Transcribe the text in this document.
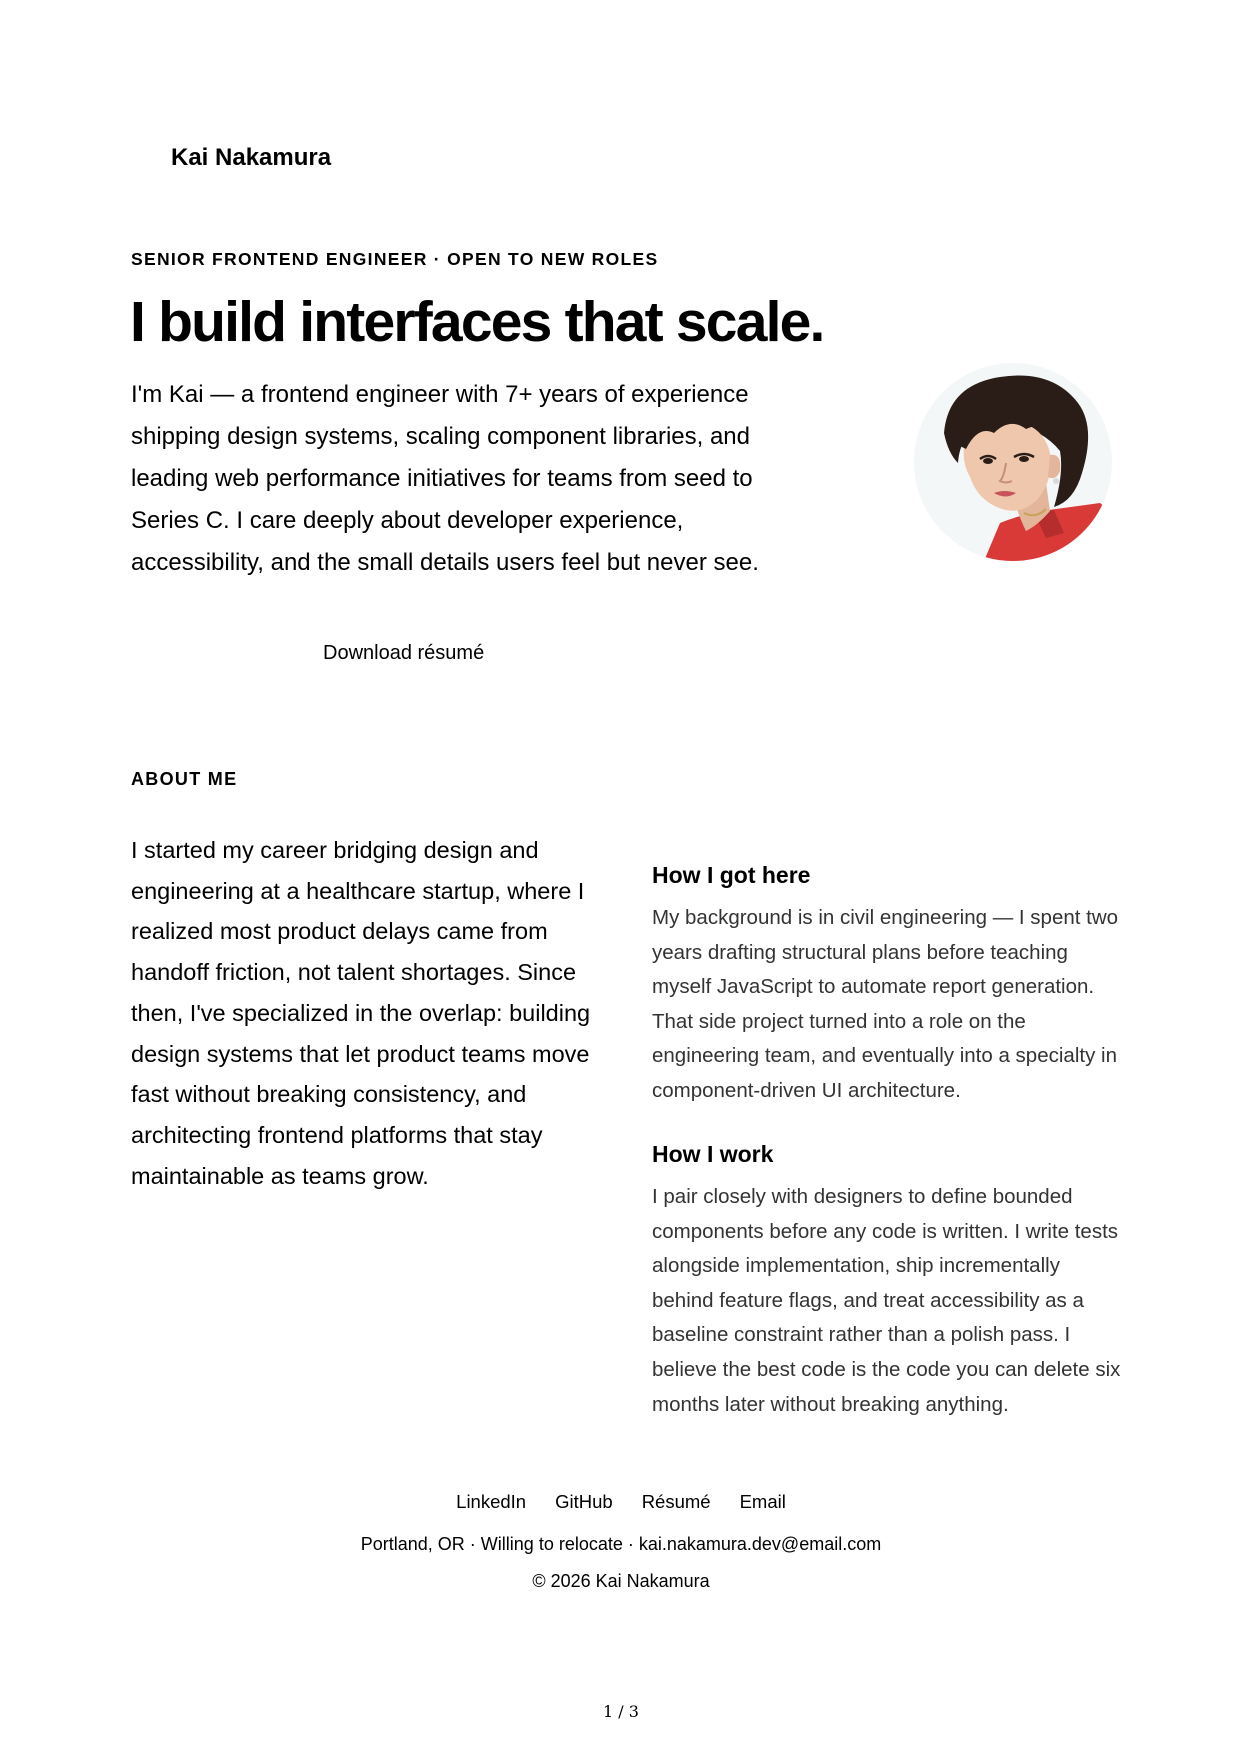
Kai Nakamura
SENIOR FRONTEND ENGINEER · OPEN TO NEW ROLES
I build interfaces that scale.

I'm Kai — a frontend engineer with 7+ years of experience shipping design systems, scaling component libraries, and leading web performance initiatives for teams from seed to Series C. I care deeply about developer experience, accessibility, and the small details users feel but never see.

Download résumé
ABOUT ME

I started my career bridging design and engineering at a healthcare startup, where I realized most product delays came from handoff friction, not talent shortages. Since then, I've specialized in the overlap: building design systems that let product teams move fast without breaking consistency, and architecting frontend platforms that stay maintainable as teams grow.

How I got here

My background is in civil engineering — I spent two years drafting structural plans before teaching myself JavaScript to automate report generation. That side project turned into a role on the engineering team, and eventually into a specialty in component-driven UI architecture.

How I work

I pair closely with designers to define bounded components before any code is written. I write tests alongside implementation, ship incrementally behind feature flags, and treat accessibility as a baseline constraint rather than a polish pass. I believe the best code is the code you can delete six months later without breaking anything.

LinkedIn GitHub Résumé Email
Portland, OR · Willing to relocate · kai.nakamura.dev@email.com
© 2026 Kai Nakamura
1 / 3
